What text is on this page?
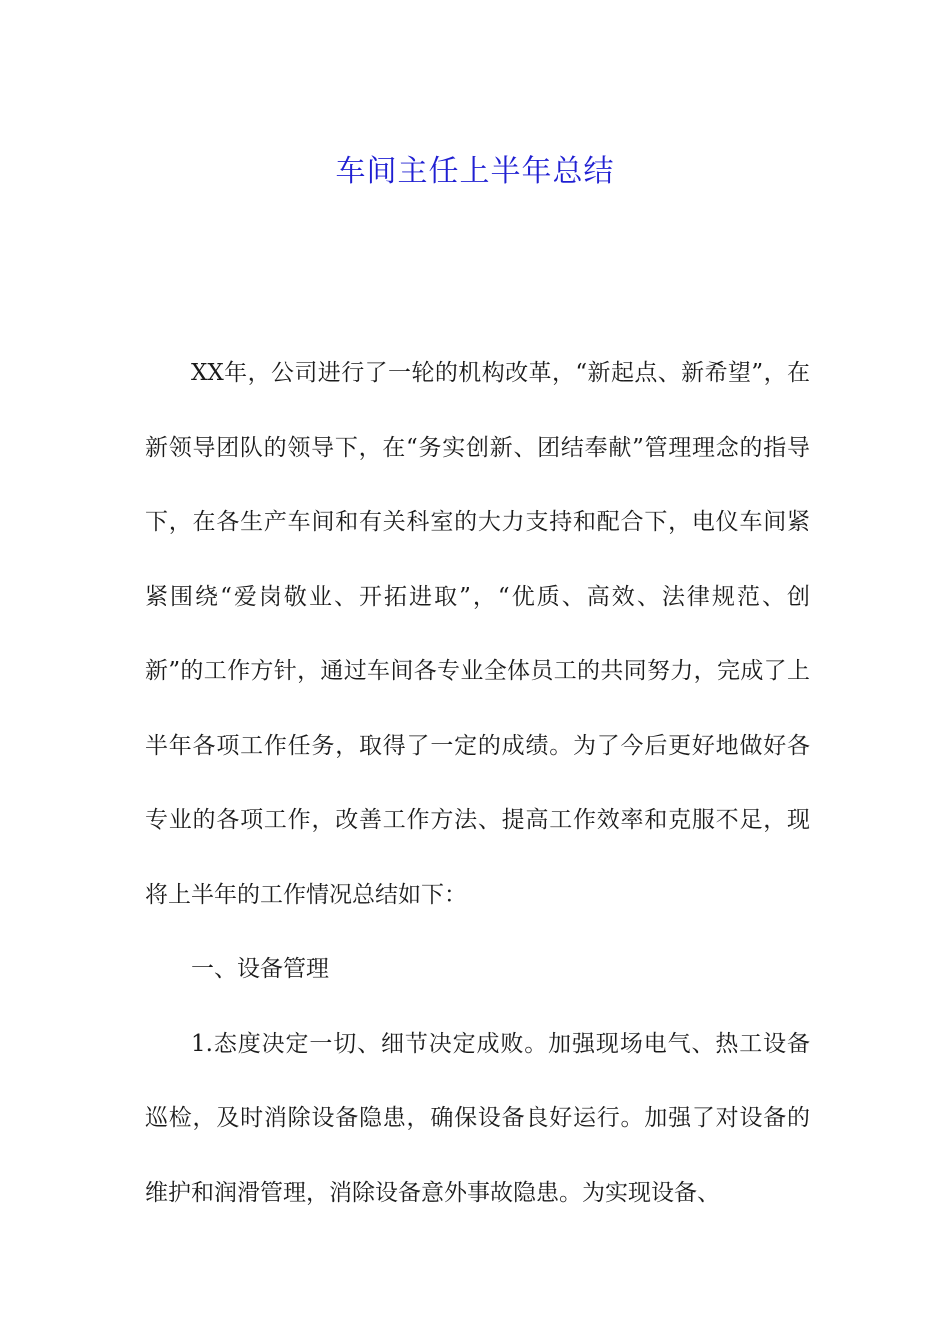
车间主任上半年总结

XX年，公司进行了一轮的机构改革，“新起点、新希望”，在新领导团队的领导下，在“务实创新、团结奉献”管理理念的指导下，在各生产车间和有关科室的大力支持和配合下，电仪车间紧紧围绕“爱岗敬业、开拓进取”，“优质、高效、法律规范、创新”的工作方针，通过车间各专业全体员工的共同努力，完成了上半年各项工作任务，取得了一定的成绩。为了今后更好地做好各专业的各项工作，改善工作方法、提高工作效率和克服不足，现将上半年的工作情况总结如下：

一、设备管理

1.态度决定一切、细节决定成败。加强现场电气、热工设备巡检，及时消除设备隐患，确保设备良好运行。加强了对设备的维护和润滑管理，消除设备意外事故隐患。为实现设备、
